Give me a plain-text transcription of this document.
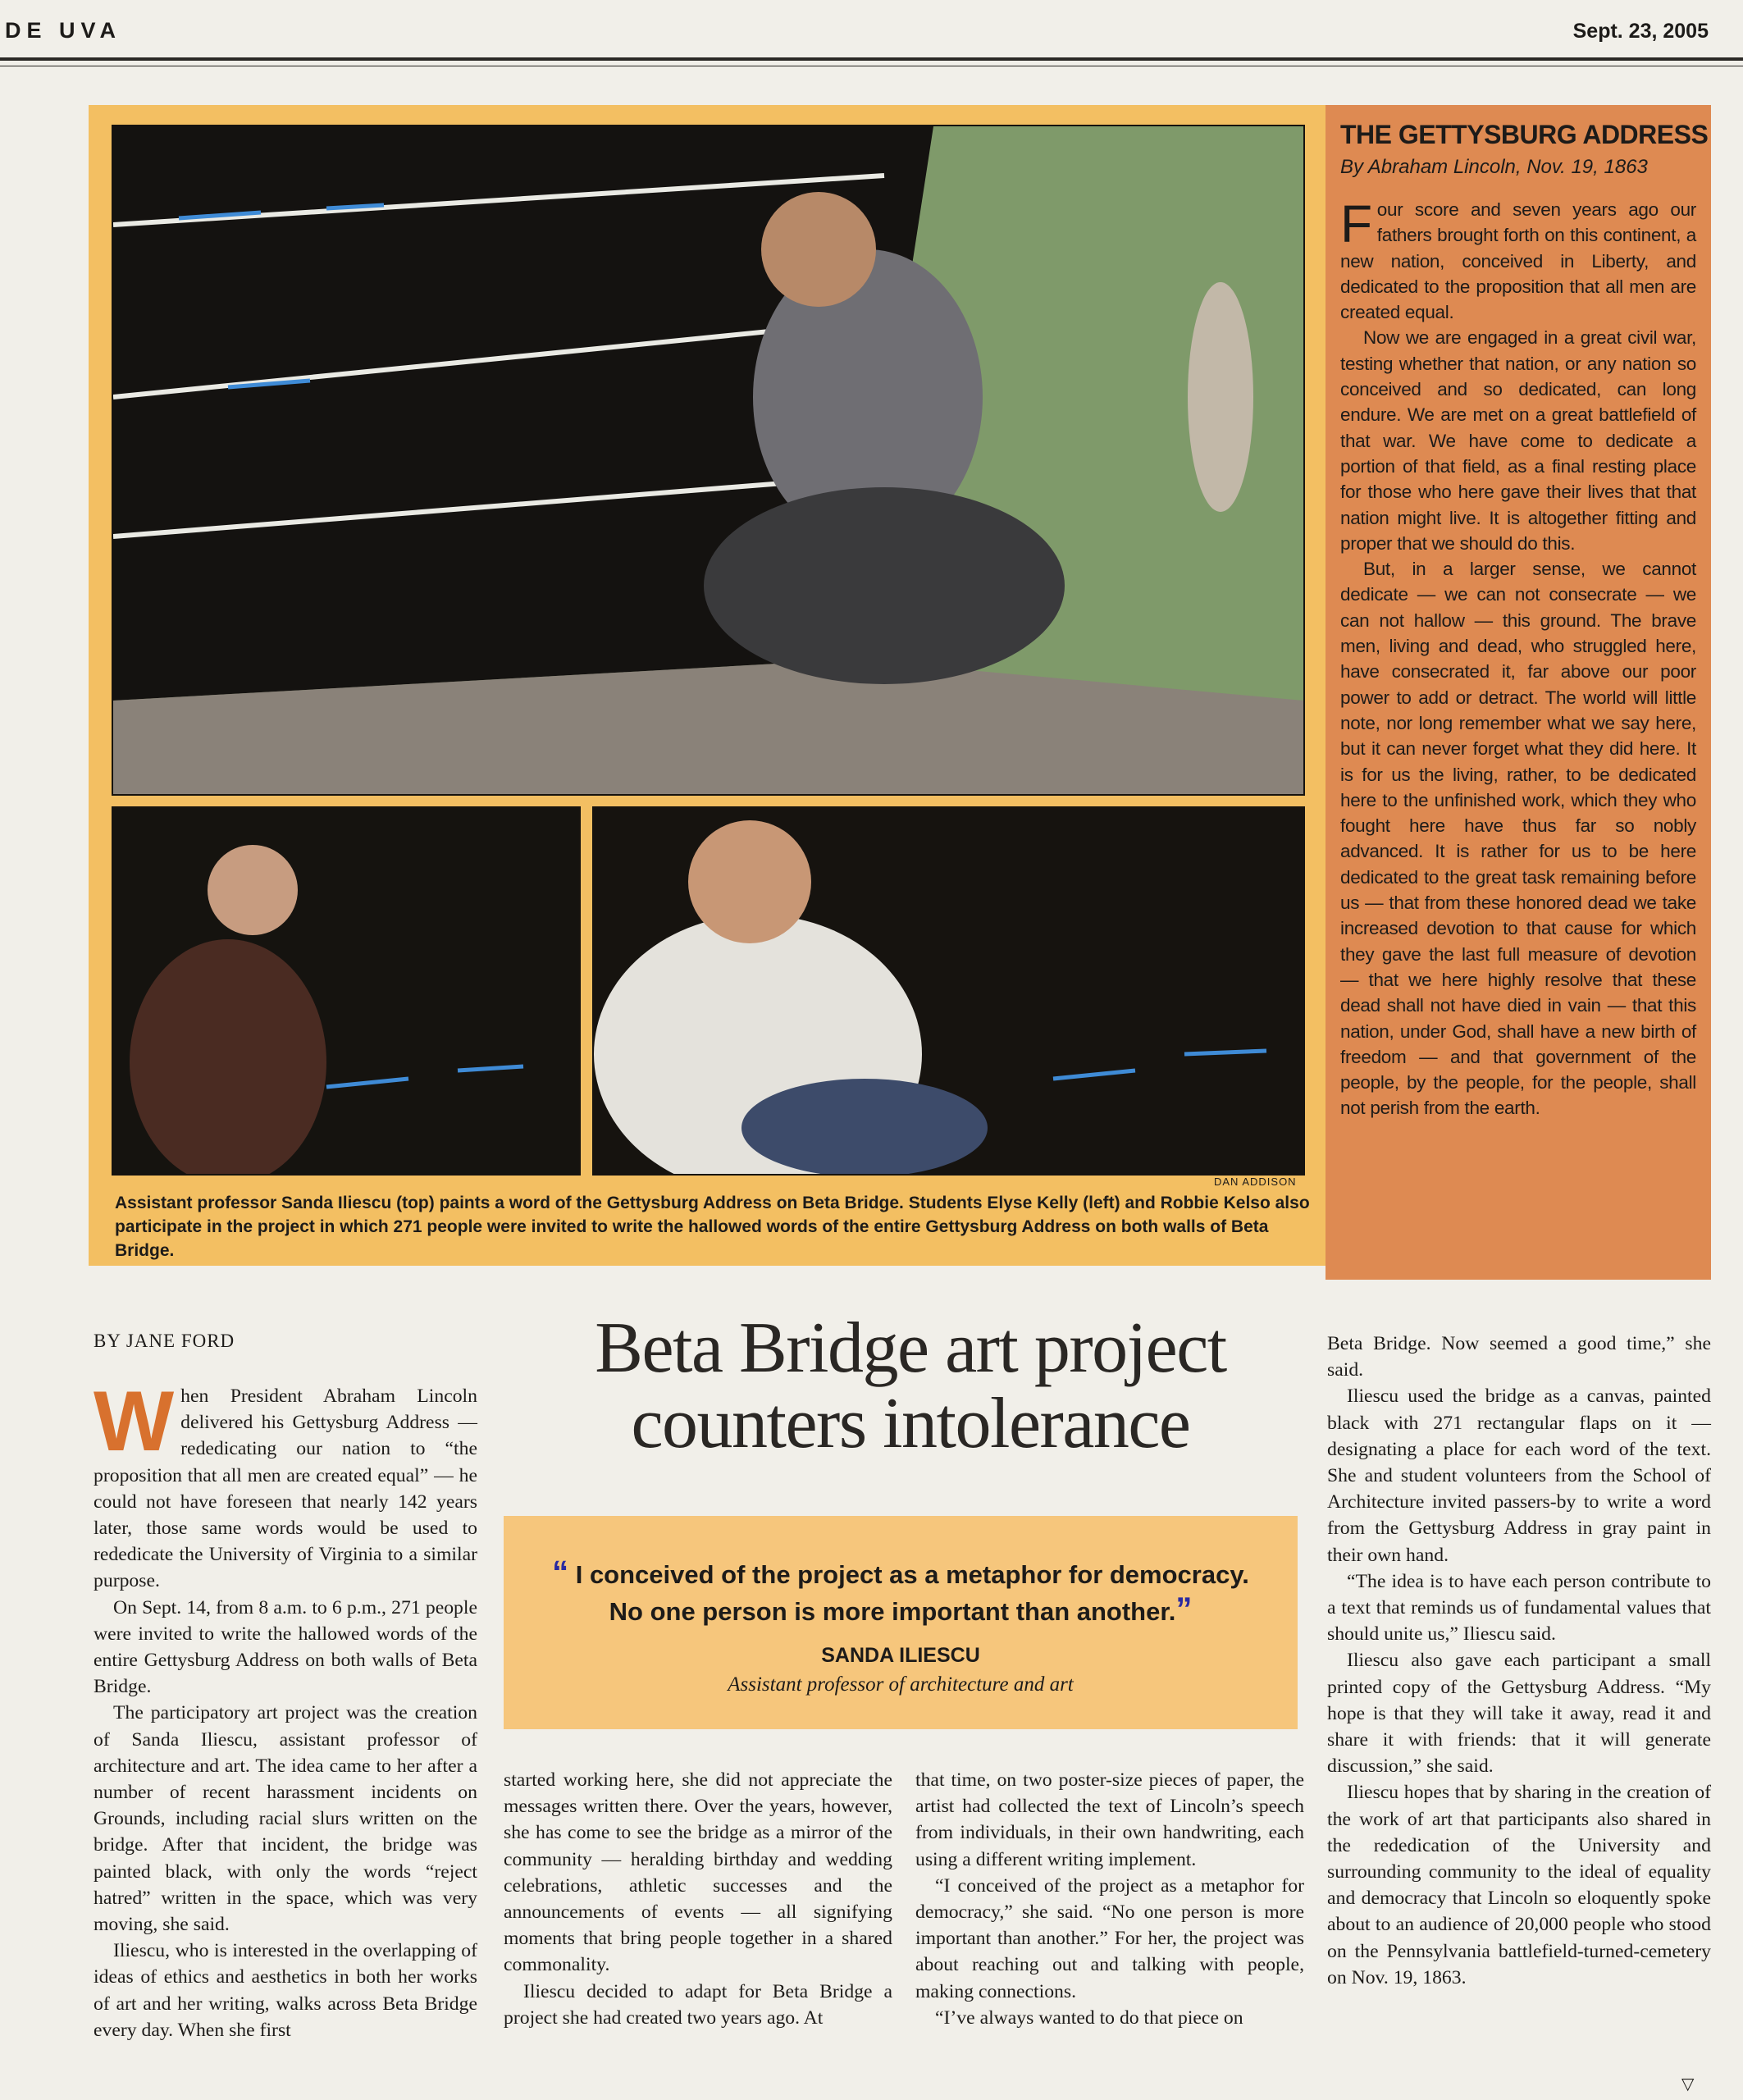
DE UVA	Sept. 23, 2005
DAN ADDISON
Assistant professor Sanda Iliescu (top) paints a word of the Gettysburg Address on Beta Bridge. Students Elyse Kelly (left) and Robbie Kelso also participate in the project in which 271 people were invited to write the hallowed words of the entire Gettysburg Address on both walls of Beta Bridge.
THE GETTYSBURG ADDRESS
By Abraham Lincoln, Nov. 19, 1863

Four score and seven years ago our fathers brought forth on this continent, a new nation, conceived in Liberty, and dedicated to the proposition that all men are created equal.

Now we are engaged in a great civil war, testing whether that nation, or any nation so conceived and so dedicated, can long endure. We are met on a great battlefield of that war. We have come to dedicate a portion of that field, as a final resting place for those who here gave their lives that that nation might live. It is altogether fitting and proper that we should do this.

But, in a larger sense, we cannot dedicate — we can not consecrate — we can not hallow — this ground. The brave men, living and dead, who struggled here, have consecrated it, far above our poor power to add or detract. The world will little note, nor long remember what we say here, but it can never forget what they did here. It is for us the living, rather, to be dedicated here to the unfinished work, which they who fought here have thus far so nobly advanced. It is rather for us to be here dedicated to the great task remaining before us — that from these honored dead we take increased devotion to that cause for which they gave the last full measure of devotion — that we here highly resolve that these dead shall not have died in vain — that this nation, under God, shall have a new birth of freedom — and that government of the people, by the people, for the people, shall not perish from the earth.

BY JANE FORD	Beta Bridge art project
counters intolerance

When President Abraham Lincoln delivered his Gettysburg Address — rededicating our nation to “the proposition that all men are created equal” — he could not have foreseen that nearly 142 years later, those same words would be used to rededicate the University of Virginia to a similar purpose.

On Sept. 14, from 8 a.m. to 6 p.m., 271 people were invited to write the hallowed words of the entire Gettysburg Address on both walls of Beta Bridge.

The participatory art project was the creation of Sanda Iliescu, assistant professor of architecture and art. The idea came to her after a number of recent harassment incidents on Grounds, including racial slurs written on the bridge. After that incident, the bridge was painted black, with only the words “reject hatred” written in the space, which was very moving, she said.

Iliescu, who is interested in the overlapping of ideas of ethics and aesthetics in both her works of art and her writing, walks across Beta Bridge every day. When she first

started working here, she did not appreciate the messages written there. Over the years, however, she has come to see the bridge as a mirror of the community — heralding birthday and wedding celebrations, athletic successes and the announcements of events — all signifying moments that bring people together in a shared commonality.

Iliescu decided to adapt for Beta Bridge a project she had created two years ago. At

that time, on two poster-size pieces of paper, the artist had collected the text of Lincoln’s speech from individuals, in their own handwriting, each using a different writing implement.

“I conceived of the project as a metaphor for democracy,” she said. “No one person is more important than another.” For her, the project was about reaching out and talking with people, making connections.

“I’ve always wanted to do that piece on

Beta Bridge. Now seemed a good time,” she said.

Iliescu used the bridge as a canvas, painted black with 271 rectangular flaps on it — designating a place for each word of the text. She and student volunteers from the School of Architecture invited passers-by to write a word from the Gettysburg Address in gray paint in their own hand.

“The idea is to have each person contribute to a text that reminds us of fundamental values that should unite us,” Iliescu said.

Iliescu also gave each participant a small printed copy of the Gettysburg Address. “My hope is that they will take it away, read it and share it with friends: that it will generate discussion,” she said.

Iliescu hopes that by sharing in the creation of the work of art that participants also shared in the rededication of the University and surrounding community to the ideal of equality and democracy that Lincoln so eloquently spoke about to an audience of 20,000 people who stood on the Pennsylvania battlefield-turned-cemetery on Nov. 19, 1863.

“ I conceived of the project as a metaphor for democracy.
No one person is more important than another.”
SANDA ILIESCU
Assistant professor of architecture and art
▽
